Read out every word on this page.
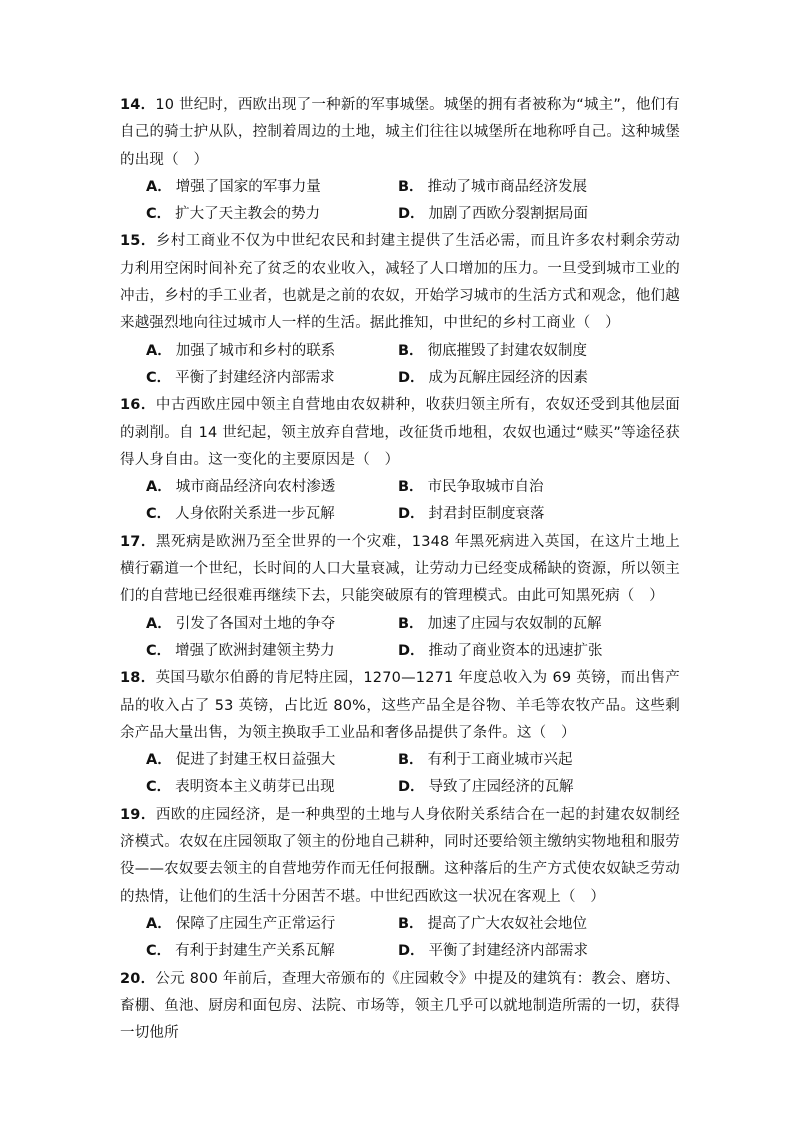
14．10 世纪时，西欧出现了一种新的军事城堡。城堡的拥有者被称为“城主”，他们有自己的骑士护从队，控制着周边的土地，城主们往往以城堡所在地称呼自己。这种城堡的出现（　）

A． 增强了国家的军事力量	B． 推动了城市商品经济发展
C． 扩大了天主教会的势力	D． 加剧了西欧分裂割据局面

15．乡村工商业不仅为中世纪农民和封建主提供了生活必需，而且许多农村剩余劳动力利用空闲时间补充了贫乏的农业收入，减轻了人口增加的压力。一旦受到城市工业的冲击，乡村的手工业者，也就是之前的农奴，开始学习城市的生活方式和观念，他们越来越强烈地向往过城市人一样的生活。据此推知，中世纪的乡村工商业（　）

A． 加强了城市和乡村的联系	B． 彻底摧毁了封建农奴制度
C． 平衡了封建经济内部需求	D． 成为瓦解庄园经济的因素

16．中古西欧庄园中领主自营地由农奴耕种，收获归领主所有，农奴还受到其他层面的剥削。自 14 世纪起，领主放弃自营地，改征货币地租，农奴也通过“赎买”等途径获得人身自由。这一变化的主要原因是（　）

A． 城市商品经济向农村渗透	B． 市民争取城市自治
C． 人身依附关系进一步瓦解	D． 封君封臣制度衰落

17．黑死病是欧洲乃至全世界的一个灾难，1348 年黑死病进入英国，在这片土地上横行霸道一个世纪，长时间的人口大量衰减，让劳动力已经变成稀缺的资源，所以领主们的自营地已经很难再继续下去，只能突破原有的管理模式。由此可知黑死病（　）

A． 引发了各国对土地的争夺	B． 加速了庄园与农奴制的瓦解
C． 增强了欧洲封建领主势力	D． 推动了商业资本的迅速扩张

18．英国马歇尔伯爵的肯尼特庄园，1270—1271 年度总收入为 69 英镑，而出售产品的收入占了 53 英镑，占比近 80%，这些产品全是谷物、羊毛等农牧产品。这些剩余产品大量出售，为领主换取手工业品和奢侈品提供了条件。这（　）

A． 促进了封建王权日益强大	B． 有利于工商业城市兴起
C． 表明资本主义萌芽已出现	D． 导致了庄园经济的瓦解

19．西欧的庄园经济，是一种典型的土地与人身依附关系结合在一起的封建农奴制经济模式。农奴在庄园领取了领主的份地自己耕种，同时还要给领主缴纳实物地租和服劳役——农奴要去领主的自营地劳作而无任何报酬。这种落后的生产方式使农奴缺乏劳动的热情，让他们的生活十分困苦不堪。中世纪西欧这一状况在客观上（　）

A． 保障了庄园生产正常运行	B． 提高了广大农奴社会地位
C． 有利于封建生产关系瓦解	D． 平衡了封建经济内部需求

20．公元 800 年前后，查理大帝颁布的《庄园敕令》中提及的建筑有：教会、磨坊、畜棚、鱼池、厨房和面包房、法院、市场等，领主几乎可以就地制造所需的一切，获得一切他所
